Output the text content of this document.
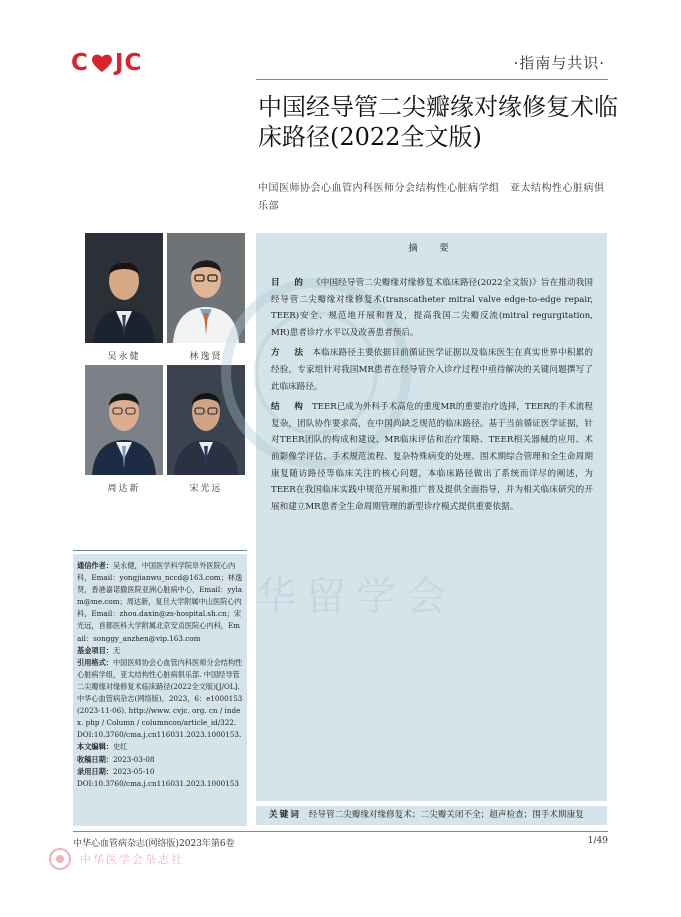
C JC	·指南与共识·
中国经导管二尖瓣缘对缘修复术临床路径(2022全文版)
中国医师协会心血管内科医师分会结构性心脏病学组　亚太结构性心脏病俱乐部
吴永健	林逸贤
周达新	宋光远
摘　要

目　的 《中国经导管二尖瓣缘对缘修复术临床路径(2022全文版)》旨在推动我国经导管二尖瓣缘对缘修复术(transcatheter mitral valve edge-to-edge repair, TEER)安全、规范地开展和普及，提高我国二尖瓣反流(mitral regurgitation, MR)患者诊疗水平以及改善患者预后。

方　法 本临床路径主要依据目前循证医学证据以及临床医生在真实世界中积累的经验，专家组针对我国MR患者在经导管介入诊疗过程中亟待解决的关键问题撰写了此临床路径。

结　构 TEER已成为外科手术高危的重度MR的重要治疗选择，TEER的手术流程复杂，团队协作要求高，在中国尚缺乏规范的临床路径。基于当前循证医学证据，针对TEER团队的构成和建设、MR临床评估和治疗策略、TEER相关器械的应用、术前影像学评估、手术规范流程、复杂特殊病变的处理、围术期综合管理和全生命周期康复随访路径等临床关注的核心问题，本临床路径做出了系统而详尽的阐述，为TEER在我国临床实践中规范开展和推广普及提供全面指导，并为相关临床研究的开展和建立MR患者全生命周期管理的新型诊疗模式提供重要依据。

华留学会
关键词 经导管二尖瓣缘对缘修复术；二尖瓣关闭不全；超声检查；围手术期康复

通信作者：吴永健，中国医学科学院阜外医院心内科，Email：yongjianwu_nccd@163.com；林逸贤，香港嘉诺撒医院亚洲心脏病中心，Email：yylam@me.com；周达新，复旦大学附属中山医院心内科，Email：zhou.daxin@zs-hospital.sh.cn；宋光远，首都医科大学附属北京安贞医院心内科，Email：songgy_anzhen@vip.163.com

基金项目：无

引用格式：中国医师协会心血管内科医师分会结构性心脏病学组，亚太结构性心脏病俱乐部. 中国经导管二尖瓣缘对缘修复术临床路径(2022全文版)[J/OL]. 中华心血管病杂志(网络版)，2023，6：e1000153(2023-11-06). http://www. cvjc. org. cn / index. php / Column / columncon/article_id/322. DOI:10.3760/cma.j.cn116031.2023.1000153.

本文编辑：史红

收稿日期：2023-03-08

录用日期：2023-05-10

DOI:10.3760/cma.j.cn116031.2023.1000153

中华心血管病杂志(网络版)2023年第6卷	1/49
中华医学会杂志社
